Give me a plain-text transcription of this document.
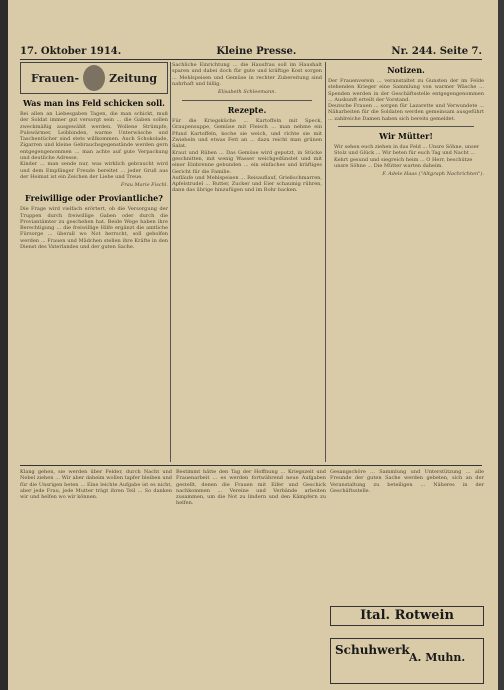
17. Oktober 1914.	Kleine Presse.	Nr. 244. Seite 7.
Frauen-	Zeitung
Was man ins Feld schicken soll.

Bei allen an Liebesgaben Tagen, die man schickt, muß der Soldat immer gut versorgt sein ... die Gaben sollen zweckmäßig ausgewählt werden. Wollene Strümpfe, Pulswärmer, Leibbinden, warme Unterwäsche und Taschentücher sind stets willkommen. Auch Schokolade, Zigarren und kleine Gebrauchsgegenstände werden gern entgegengenommen ... man achte auf gute Verpackung und deutliche Adresse.

Kinder ... man sende nur, was wirklich gebraucht wird und dem Empfänger Freude bereitet ... jeder Gruß aus der Heimat ist ein Zeichen der Liebe und Treue.

Frau Marie Fischl.
Freiwillige oder Proviantliche?

Die Frage wird vielfach erörtert, ob die Versorgung der Truppen durch freiwillige Gaben oder durch die Proviantämter zu geschehen hat. Beide Wege haben ihre Berechtigung ... die freiwillige Hilfe ergänzt die amtliche Fürsorge ... überall wo Not herrscht, soll geholfen werden ... Frauen und Mädchen stellen ihre Kräfte in den Dienst des Vaterlandes und der guten Sache.

Sachliche Einrichtung ... die Hausfrau soll im Haushalt sparen und dabei doch für gute und kräftige Kost sorgen ... Mehlspeisen und Gemüse in rechter Zubereitung sind nahrhaft und billig.

Elisabeth Schleemann.
Rezepte.

Für die Kriegsküche ... Kartoffeln mit Speck, Graupensuppe, Gemüse mit Fleisch ... man nehme ein Pfund Kartoffeln, koche sie weich, und richte sie mit Zwiebeln und etwas Fett an ... dazu reicht man grünen Salat.

Kraut und Rüben ... Das Gemüse wird geputzt, in Stücke geschnitten, mit wenig Wasser weichgedünstet und mit einer Einbrenne gebunden ... ein einfaches und kräftiges Gericht für die Familie.

Aufläufe und Mehlspeisen ... Reisauflauf, Grießschmarren, Apfelstrudel ... Butter, Zucker und Eier schaumig rühren, dann das übrige hinzufügen und im Rohr backen.

Notizen.

Der Frauenverein ... veranstaltet zu Gunsten der im Felde stehenden Krieger eine Sammlung von warmer Wäsche ... Spenden werden in der Geschäftsstelle entgegengenommen ... Auskunft erteilt der Vorstand.

Deutsche Frauen ... sorgen für Lazarette und Verwundete ... Näharbeiten für die Soldaten werden gemeinsam ausgeführt ... zahlreiche Damen haben sich bereits gemeldet.

Wir Mütter!

Wir sehen euch ziehen in das Feld ... Unsre Söhne, unser Stolz und Glück ... Wir beten für euch Tag und Nacht ... Kehrt gesund und siegreich heim ... O Herr, beschütze unsre Söhne ... Die Mütter warten daheim.

F. Adele Haas ("Altgraph Nachrichten").

Klang gehen, sie werden über Felder, durch Nacht und Nebel ziehen ... Wir aber daheim wollen tapfer bleiben und für die Unsrigen beten ... Eine leichte Aufgabe ist es nicht, aber jede Frau, jede Mutter trägt ihren Teil ... So danken wir und helfen wo wir können.

Bestimmt hätte den Tag der Hoffnung ... Kriegszeit und Frauenarbeit ... es werden fortwährend neue Aufgaben gestellt, denen die Frauen mit Eifer und Geschick nachkommen ... Vereine und Verbände arbeiten zusammen, um die Not zu lindern und den Kämpfern zu helfen.

Gesangschöre ... Sammlung und Unterstützung ... alle Freunde der guten Sache werden gebeten, sich an der Veranstaltung zu beteiligen ... Näheres in der Geschäftsstelle.

Ital. Rotwein
Schuhwerk
A. Muhn.
